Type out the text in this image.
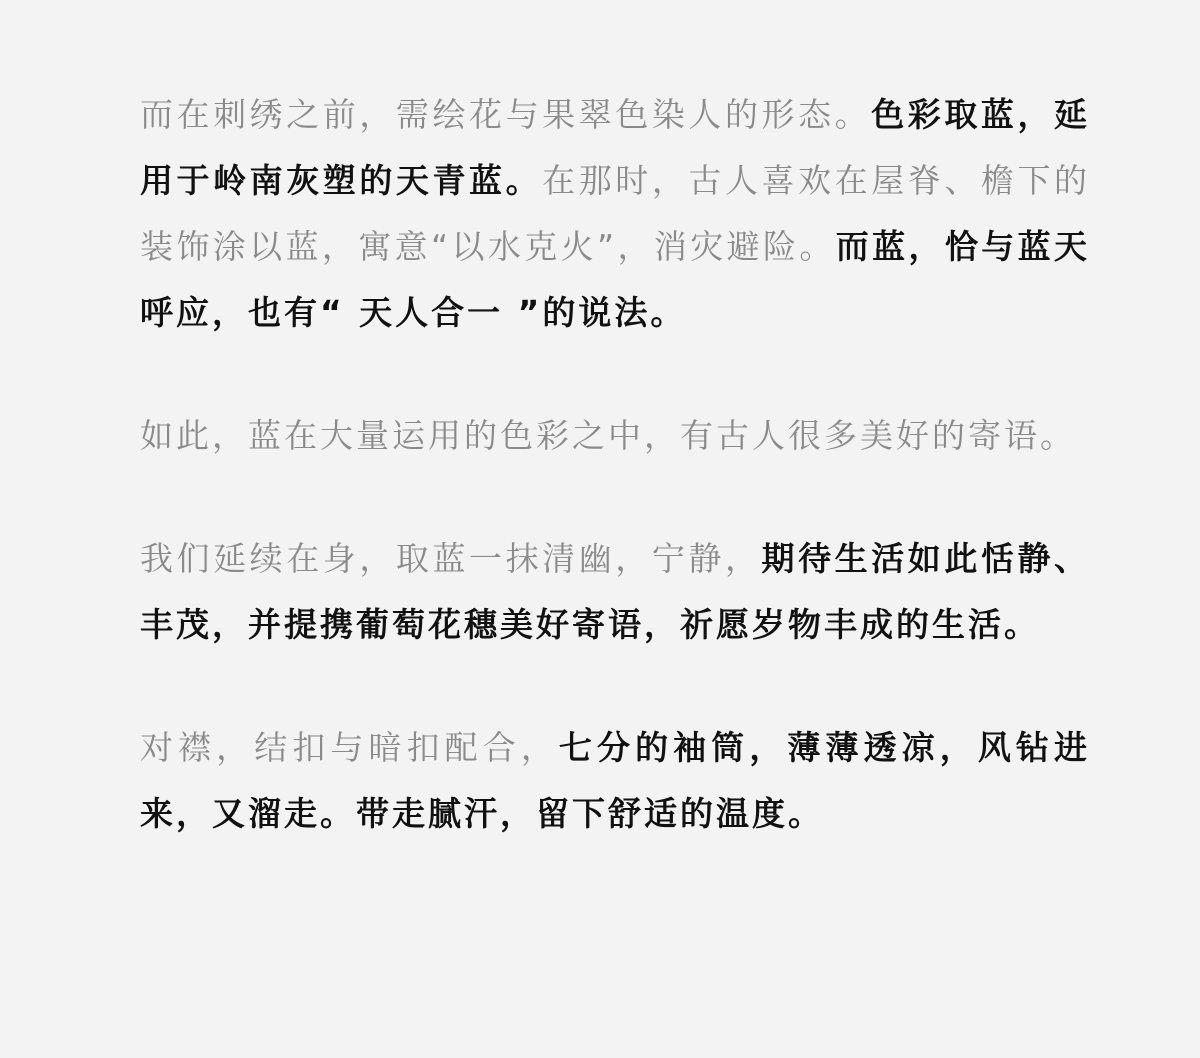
而在刺绣之前，需绘花与果翠色染人的形态。色彩取蓝，延用于岭南灰塑的天青蓝。在那时，古人喜欢在屋脊、檐下的装饰涂以蓝，寓意“以水克火”，消灾避险。而蓝，恰与蓝天呼应，也有“ 天人合一 ”的说法。

如此，蓝在大量运用的色彩之中，有古人很多美好的寄语。

我们延续在身，取蓝一抹清幽，宁静，期待生活如此恬静、丰茂，并提携葡萄花穗美好寄语，祈愿岁物丰成的生活。

对襟，结扣与暗扣配合，七分的袖筒，薄薄透凉，风钻进来，又溜走。带走腻汗，留下舒适的温度。
